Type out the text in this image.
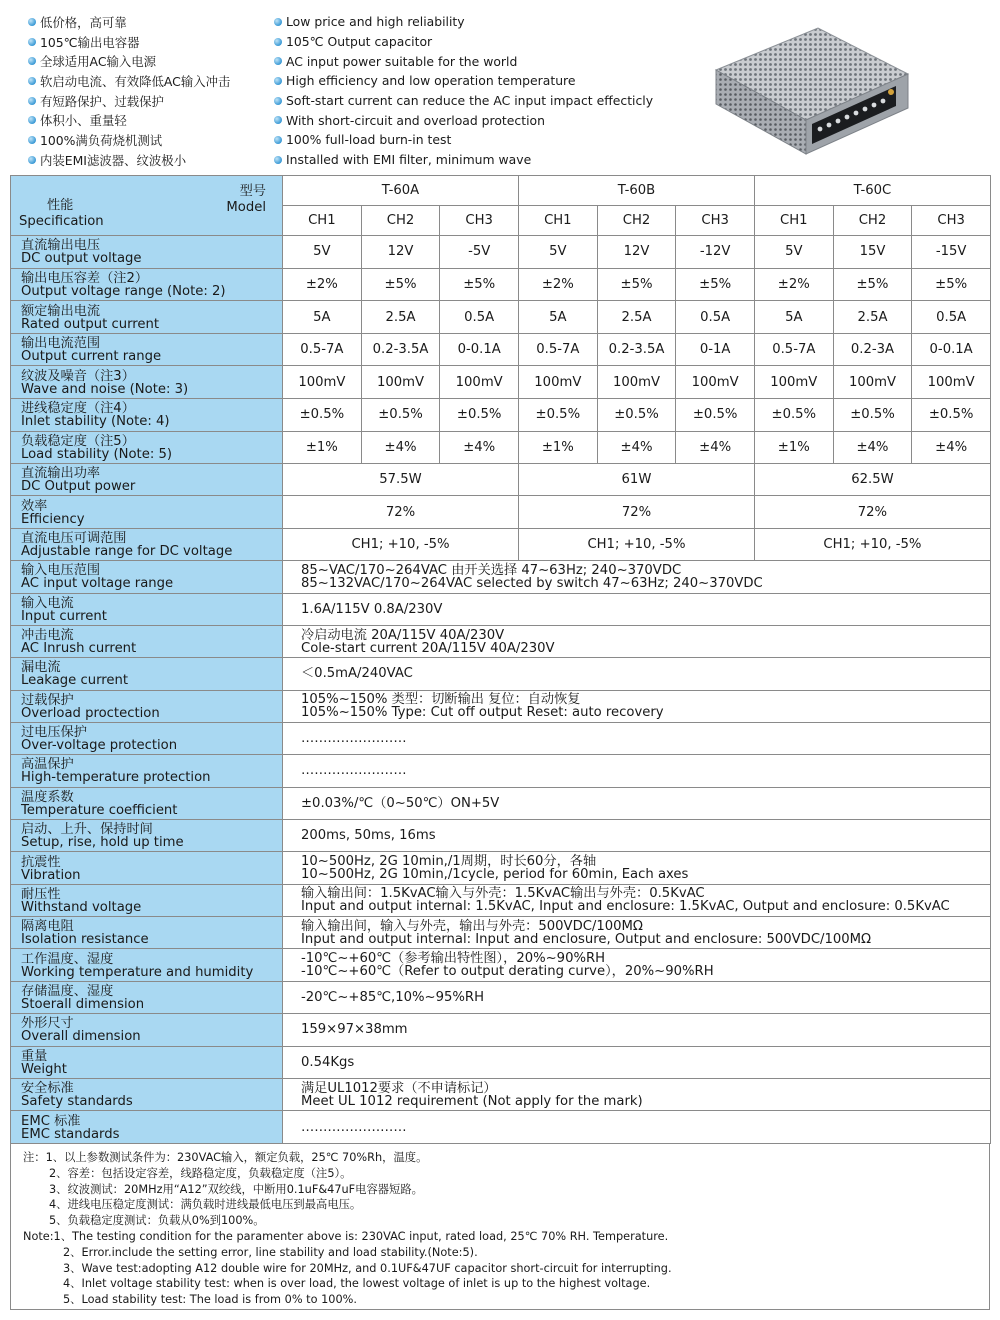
低价格，高可靠
105℃输出电容器
全球适用AC输入电源
软启动电流、有效降低AC输入冲击
有短路保护、过载保护
体积小、重量轻
100%满负荷烧机测试
内装EMI滤波器、纹波极小
Low price and high reliability
105℃ Output capacitor
AC input power suitable for the world
High efficiency and low operation temperature
Soft-start current can reduce the AC input impact effecticly
With short-circuit and overload protection
100% full-load burn-in test
Installed with EMI filter, minimum wave
型号
Model
性能
Specification	T-60A			T-60B			T-60C		
	CH1	CH2	CH3	CH1	CH2	CH3	CH1	CH2	CH3

直流输出电压
DC output voltage	5V	12V	-5V	5V	12V	-12V	5V	15V	-15V

输出电压容差（注2）
Output voltage range (Note: 2)	±2%	±5%	±5%	±2%	±5%	±5%	±2%	±5%	±5%

额定输出电流
Rated output current	5A	2.5A	0.5A	5A	2.5A	0.5A	5A	2.5A	0.5A

输出电流范围
Output current range	0.5-7A	0.2-3.5A	0-0.1A	0.5-7A	0.2-3.5A	0-1A	0.5-7A	0.2-3A	0-0.1A

纹波及噪音（注3）
Wave and noise (Note: 3)	100mV	100mV	100mV	100mV	100mV	100mV	100mV	100mV	100mV

进线稳定度（注4）
Inlet stability (Note: 4)	±0.5%	±0.5%	±0.5%	±0.5%	±0.5%	±0.5%	±0.5%	±0.5%	±0.5%

负载稳定度（注5）
Load stability (Note: 5)	±1%	±4%	±4%	±1%	±4%	±4%	±1%	±4%	±4%

直流输出功率
DC Output power	57.5W			61W			62.5W		

效率
Efficiency	72%			72%			72%		

直流电压可调范围
Adjustable range for DC voltage	CH1; +10, -5%			CH1; +10, -5%			CH1; +10, -5%		

输入电压范围
AC input voltage range	85~VAC/170~264VAC 由开关选择 47~63Hz; 240~370VDC
85~132VAC/170~264VAC selected by switch 47~63Hz; 240~370VDC								

输入电流
Input current	1.6A/115V 0.8A/230V								

冲击电流
AC Inrush current	冷启动电流 20A/115V 40A/230V
Cole-start current 20A/115V 40A/230V								

漏电流
Leakage current	＜0.5mA/240VAC								

过载保护
Overload proctection	105%~150% 类型：切断输出 复位：自动恢复
105%~150% Type: Cut off output Reset: auto recovery								

过电压保护
Over-voltage protection	……………………								

高温保护
High-temperature protection	……………………								

温度系数
Temperature coefficient	±0.03%/℃（0~50℃）ON+5V								

启动、上升、保持时间
Setup, rise, hold up time	200ms, 50ms, 16ms								

抗震性
Vibration	10~500Hz, 2G 10min,/1周期，时长60分，各轴
10~500Hz, 2G 10min,/1cycle, period for 60min, Each axes								

耐压性
Withstand voltage	输入输出间：1.5KvAC输入与外壳：1.5KvAC输出与外壳：0.5KvAC
Input and output internal: 1.5KvAC, Input and enclosure: 1.5KvAC, Output and enclosure: 0.5KvAC								

隔离电阻
Isolation resistance	输入输出间，输入与外壳，输出与外壳：500VDC/100MΩ
Input and output internal: Input and enclosure, Output and enclosure: 500VDC/100MΩ								

工作温度、湿度
Working temperature and humidity	-10℃~+60℃（参考输出特性图），20%~90%RH
-10℃~+60℃（Refer to output derating curve），20%~90%RH								

存储温度、湿度
Stoerall dimension	-20℃~+85℃,10%~95%RH								

外形尺寸
Overall dimension	159×97×38mm								

重量
Weight	0.54Kgs								

安全标准
Safety standards	满足UL1012要求（不申请标记）
Meet UL 1012 requirement (Not apply for the mark)								

EMC 标准
EMC standards	……………………								
注：1、以上参数测试条件为：230VAC输入，额定负载，25℃ 70%Rh，温度。
2、容差：包括设定容差，线路稳定度，负载稳定度（注5）。
3、纹波测试：20MHz用“A12”双绞线，中断用0.1uF&47uF电容器短路。
4、进线电压稳定度测试：满负载时进线最低电压到最高电压。
5、负载稳定度测试：负载从0%到100%。
Note:1、The testing condition for the paramenter above is: 230VAC input, rated load, 25℃ 70% RH. Temperature.
2、Error.include the setting error, line stability and load stability.(Note:5).
3、Wave test:adopting A12 double wire for 20MHz, and 0.1UF&47UF capacitor short-circuit for interrupting.
4、Inlet voltage stability test: when is over load, the lowest voltage of inlet is up to the highest voltage.
5、Load stability test: The load is from 0% to 100%.
